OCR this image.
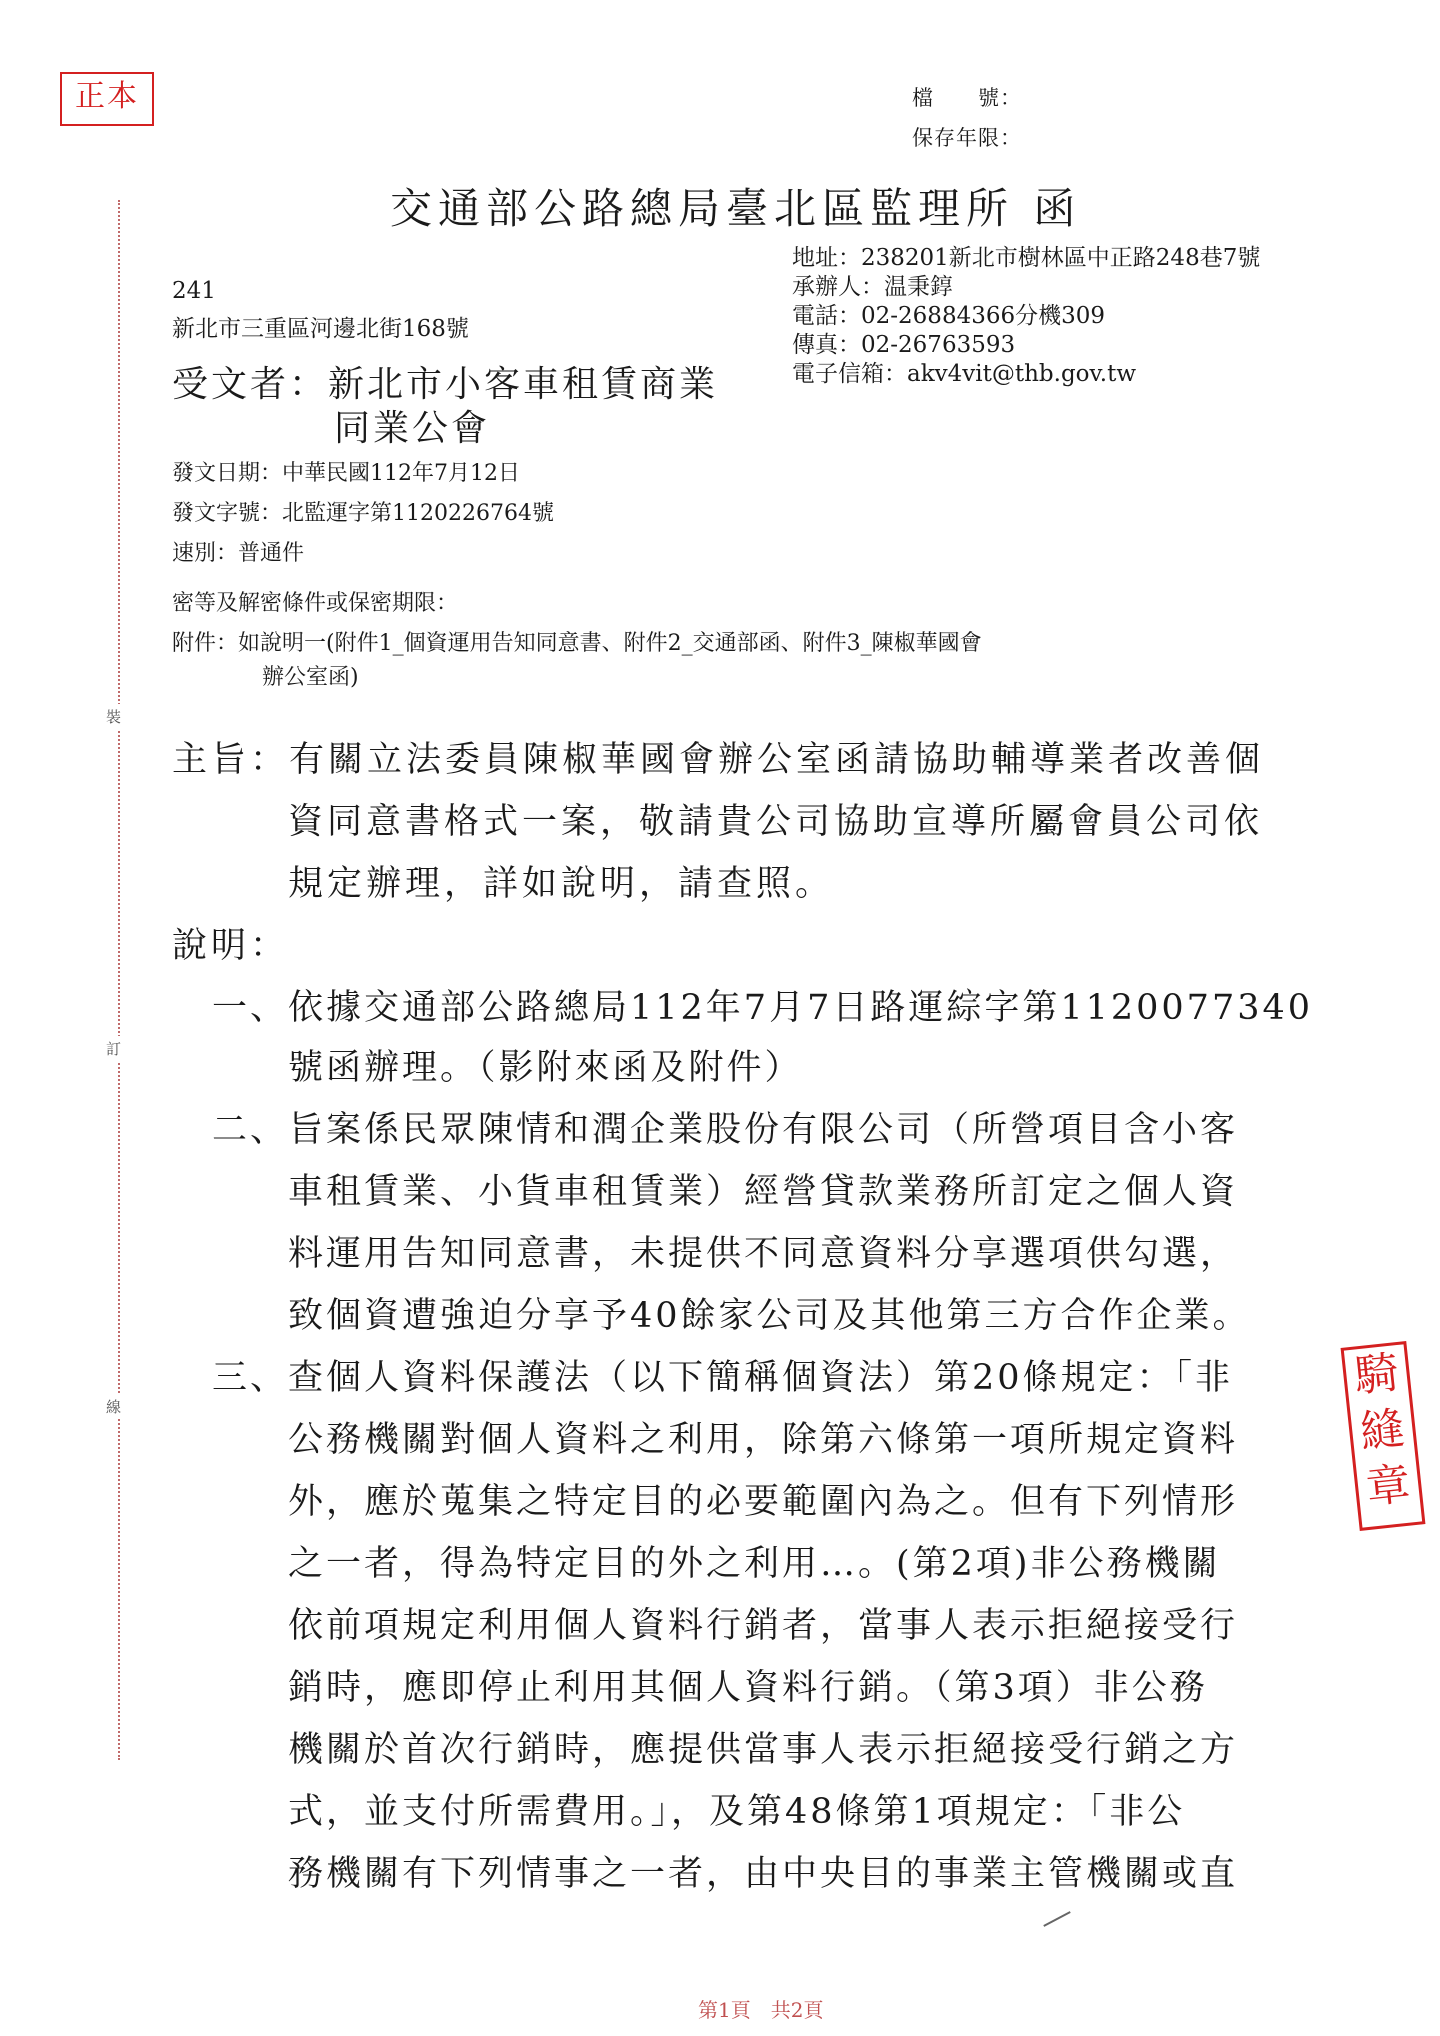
正本	檔　　號：
保存年限：
交通部公路總局臺北區監理所 函
地址：238201新北市樹林區中正路248巷7號
承辦人：温秉錞
電話：02-26884366分機309
傳真：02-26763593
電子信箱：akv4vit@thb.gov.tw
241
新北市三重區河邊北街168號
受文者：新北市小客車租賃商業
同業公會
發文日期：中華民國112年7月12日
發文字號：北監運字第1120226764號
速別：普通件
密等及解密條件或保密期限：
附件：如說明一(附件1_個資運用告知同意書、附件2_交通部函、附件3_陳椒華國會
辦公室函)
主旨：有關立法委員陳椒華國會辦公室函請協助輔導業者改善個
資同意書格式一案，敬請貴公司協助宣導所屬會員公司依
規定辦理，詳如說明，請查照。
說明：
一、依據交通部公路總局112年7月7日路運綜字第1120077340
號函辦理。（影附來函及附件）
二、旨案係民眾陳情和潤企業股份有限公司（所營項目含小客
車租賃業、小貨車租賃業）經營貸款業務所訂定之個人資
料運用告知同意書，未提供不同意資料分享選項供勾選，
致個資遭強迫分享予40餘家公司及其他第三方合作企業。
三、查個人資料保護法（以下簡稱個資法）第20條規定：「非
公務機關對個人資料之利用，除第六條第一項所規定資料
外，應於蒐集之特定目的必要範圍內為之。但有下列情形
之一者，得為特定目的外之利用…。(第2項)非公務機關
依前項規定利用個人資料行銷者，當事人表示拒絕接受行
銷時，應即停止利用其個人資料行銷。（第3項）非公務
機關於首次行銷時，應提供當事人表示拒絕接受行銷之方
式，並支付所需費用。」，及第48條第1項規定：「非公
務機關有下列情事之一者，由中央目的事業主管機關或直
裝
訂
線
騎
縫
章
第1頁　共2頁
